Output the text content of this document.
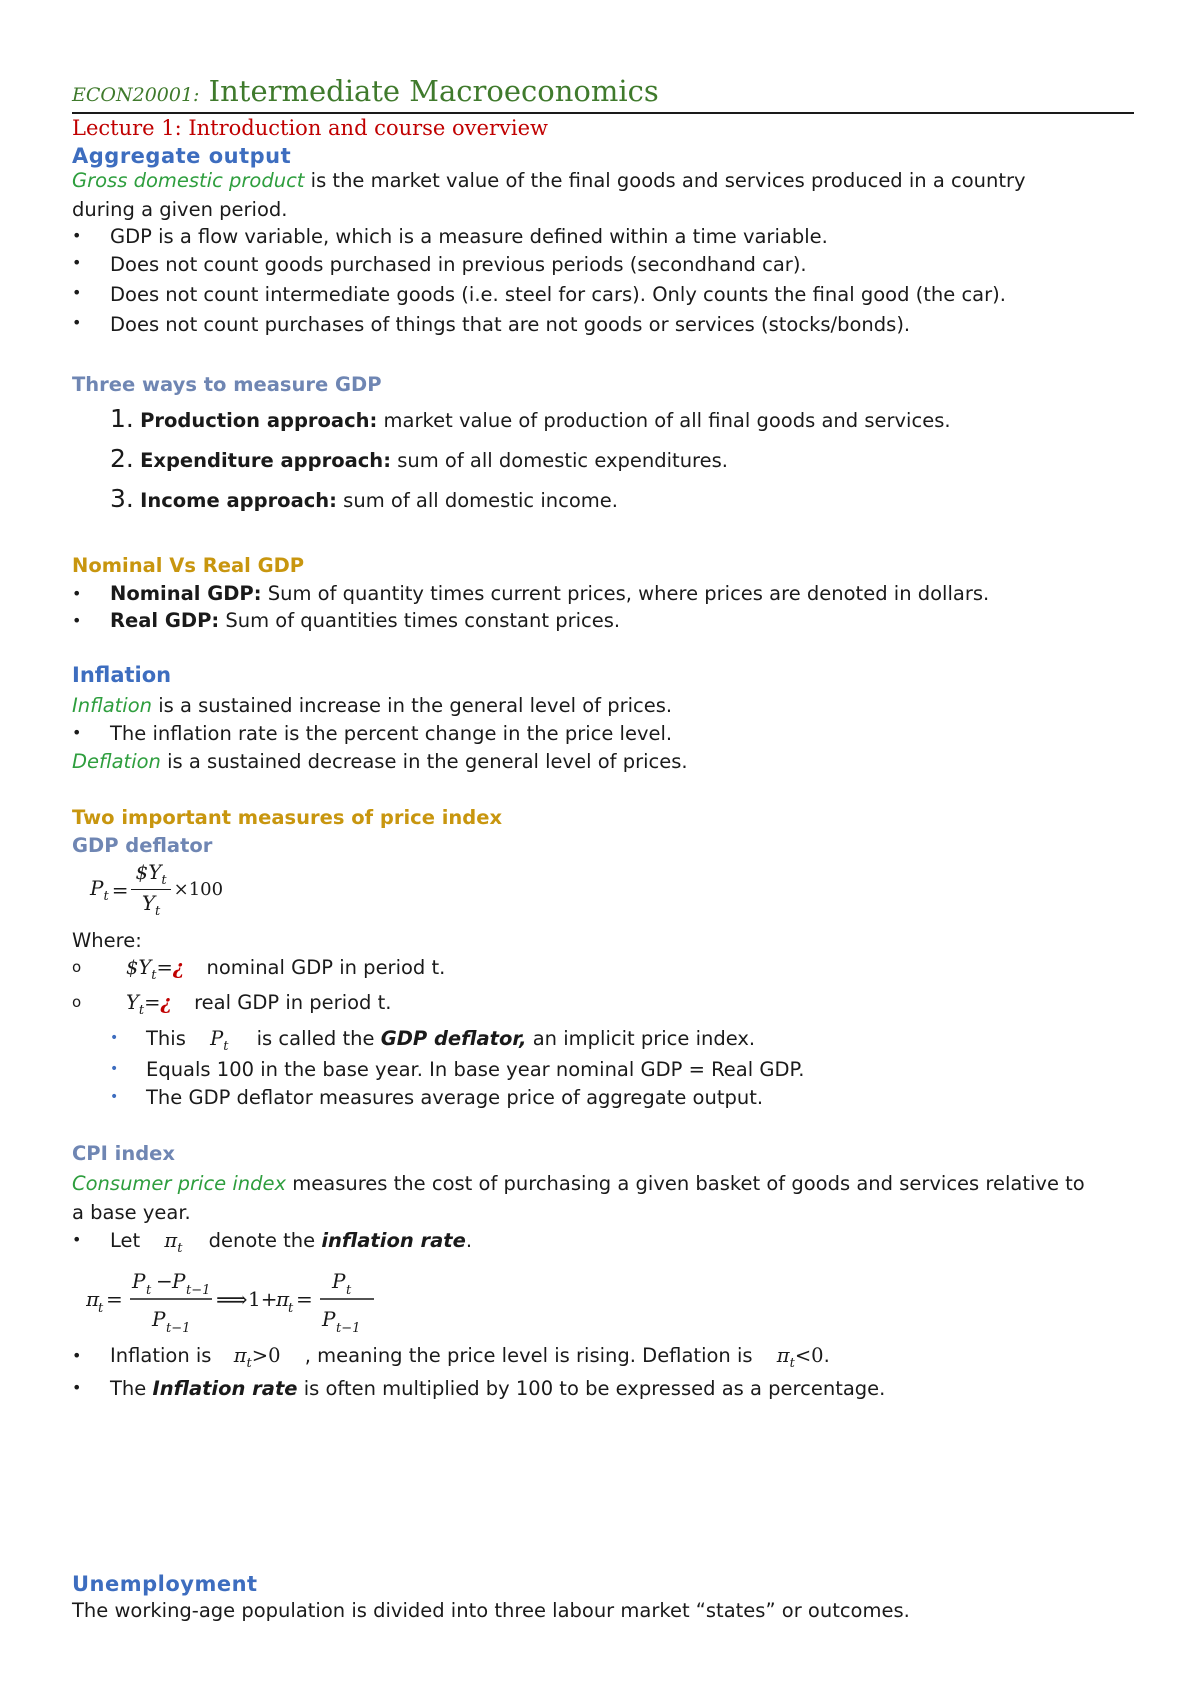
ECON20001: Intermediate Macroeconomics
Lecture 1: Introduction and course overview
Aggregate output
Gross domestic product is the market value of the final goods and services produced in a country
during a given period.
• GDP is a flow variable, which is a measure defined within a time variable.
• Does not count goods purchased in previous periods (secondhand car).
• Does not count intermediate goods (i.e. steel for cars). Only counts the final good (the car).
• Does not count purchases of things that are not goods or services (stocks/bonds).
Three ways to measure GDP
1. Production approach: market value of production of all final goods and services.
2. Expenditure approach: sum of all domestic expenditures.
3. Income approach: sum of all domestic income.
Nominal Vs Real GDP
• Nominal GDP: Sum of quantity times current prices, where prices are denoted in dollars.
• Real GDP: Sum of quantities times constant prices.
Inflation
Inflation is a sustained increase in the general level of prices.
• The inflation rate is the percent change in the price level.
Deflation is a sustained decrease in the general level of prices.
Two important measures of price index
GDP deflator
$P_t = \frac{\$Y_t}{Y_t} \times 100$
Where:
o $\$Y_t=¿$ nominal GDP in period t.
o $Y_t=¿$ real GDP in period t.
• This $P_t$ is called the GDP deflator, an implicit price index.
• Equals 100 in the base year. In base year nominal GDP = Real GDP.
• The GDP deflator measures average price of aggregate output.
CPI index
Consumer price index measures the cost of purchasing a given basket of goods and services relative to
a base year.
• Let $\pi_t$ denote the inflation rate.
π
t =
P t − P t−1
P t−1
⟹ 1+
π
t =
P t
P t−1
• Inflation is $\pi_t>0$ , meaning the price level is rising. Deflation is $\pi_t<0$.
• The Inflation rate is often multiplied by 100 to be expressed as a percentage.
Unemployment
The working-age population is divided into three labour market “states” or outcomes.
